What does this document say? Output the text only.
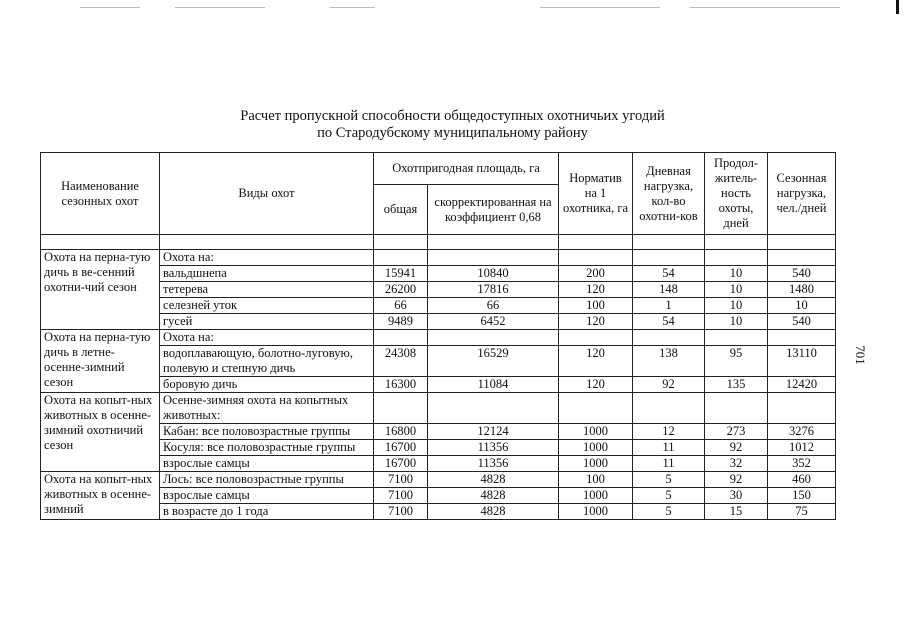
Расчет пропускной способности общедоступных охотничьих угодий
по Стародубскому муниципальному району
701
Наименование сезонных охот	Виды охот	Охотпригодная площадь, га		Норматив на 1 охотника, га	Дневная нагрузка, кол-во охотни-ков	Продол-житель-ность охоты, дней	Сезонная нагрузка, чел./дней
		общая	скорректированная на коэффициент 0,68				

Охота на перна-тую дичь в ве-сенний охотни-чий сезон	Охота на:						
	вальдшнепа	15941	10840	200	54	10	540
	тетерева	26200	17816	120	148	10	1480
	селезней уток	66	66	100	1	10	10
	гусей	9489	6452	120	54	10	540
Охота на перна-тую дичь в летне- осенне-зимний сезон	Охота на:						
	водоплавающую, болотно-луговую, полевую и степную дичь	24308	16529	120	138	95	13110
	боровую дичь	16300	11084	120	92	135	12420
Охота на копыт-ных животных в осенне-зимний охотничий сезон	Осенне-зимняя охота на копытных животных:						
	Кабан: все половозрастные группы	16800	12124	1000	12	273	3276
	Косуля: все половозрастные группы	16700	11356	1000	11	92	1012
	взрослые самцы	16700	11356	1000	11	32	352
Охота на копыт-ных животных в осенне-зимний	Лось: все половозрастные группы	7100	4828	100	5	92	460
	взрослые самцы	7100	4828	1000	5	30	150
	в возрасте до 1 года	7100	4828	1000	5	15	75
